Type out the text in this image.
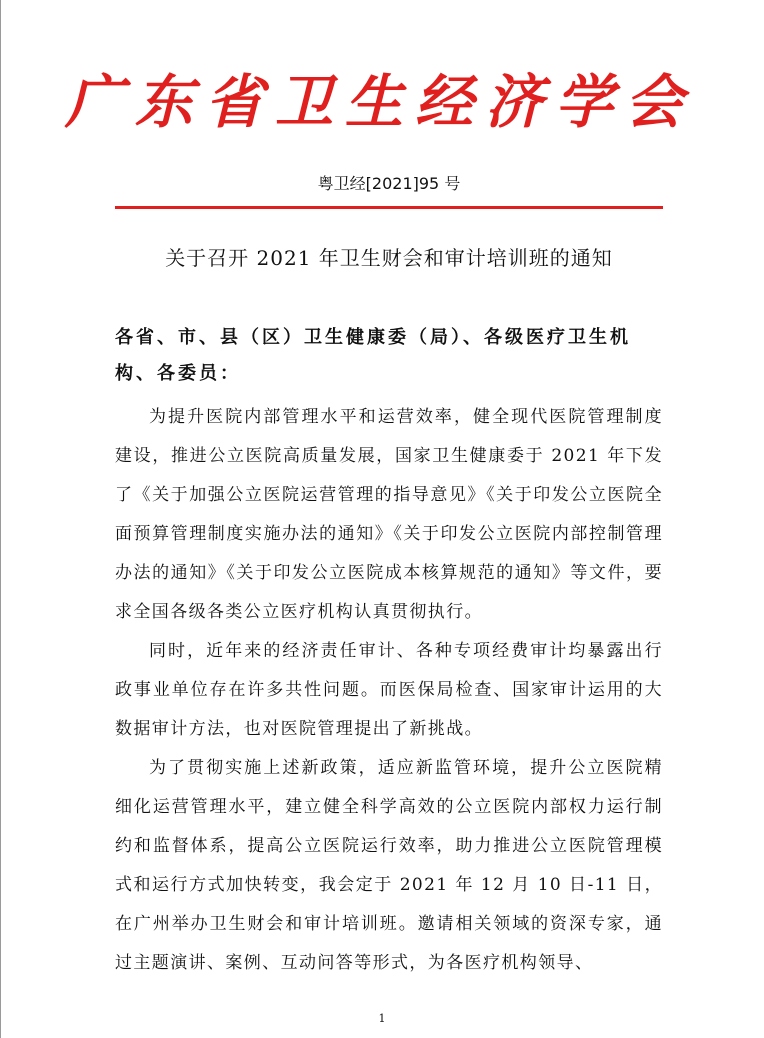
广东省卫生经济学会
粤卫经[2021]95 号
关于召开 2021 年卫生财会和审计培训班的通知
各省、市、县（区）卫生健康委（局）、各级医疗卫生机构、各委员：

为提升医院内部管理水平和运营效率，健全现代医院管理制度建设，推进公立医院高质量发展，国家卫生健康委于 2021 年下发了《关于加强公立医院运营管理的指导意见》《关于印发公立医院全面预算管理制度实施办法的通知》《关于印发公立医院内部控制管理办法的通知》《关于印发公立医院成本核算规范的通知》等文件，要求全国各级各类公立医疗机构认真贯彻执行。

同时，近年来的经济责任审计、各种专项经费审计均暴露出行政事业单位存在许多共性问题。而医保局检查、国家审计运用的大数据审计方法，也对医院管理提出了新挑战。

为了贯彻实施上述新政策，适应新监管环境，提升公立医院精细化运营管理水平，建立健全科学高效的公立医院内部权力运行制约和监督体系，提高公立医院运行效率，助力推进公立医院管理模式和运行方式加快转变，我会定于 2021 年 12 月 10 日-11 日，在广州举办卫生财会和审计培训班。邀请相关领域的资深专家，通过主题演讲、案例、互动问答等形式，为各医疗机构领导、

1
